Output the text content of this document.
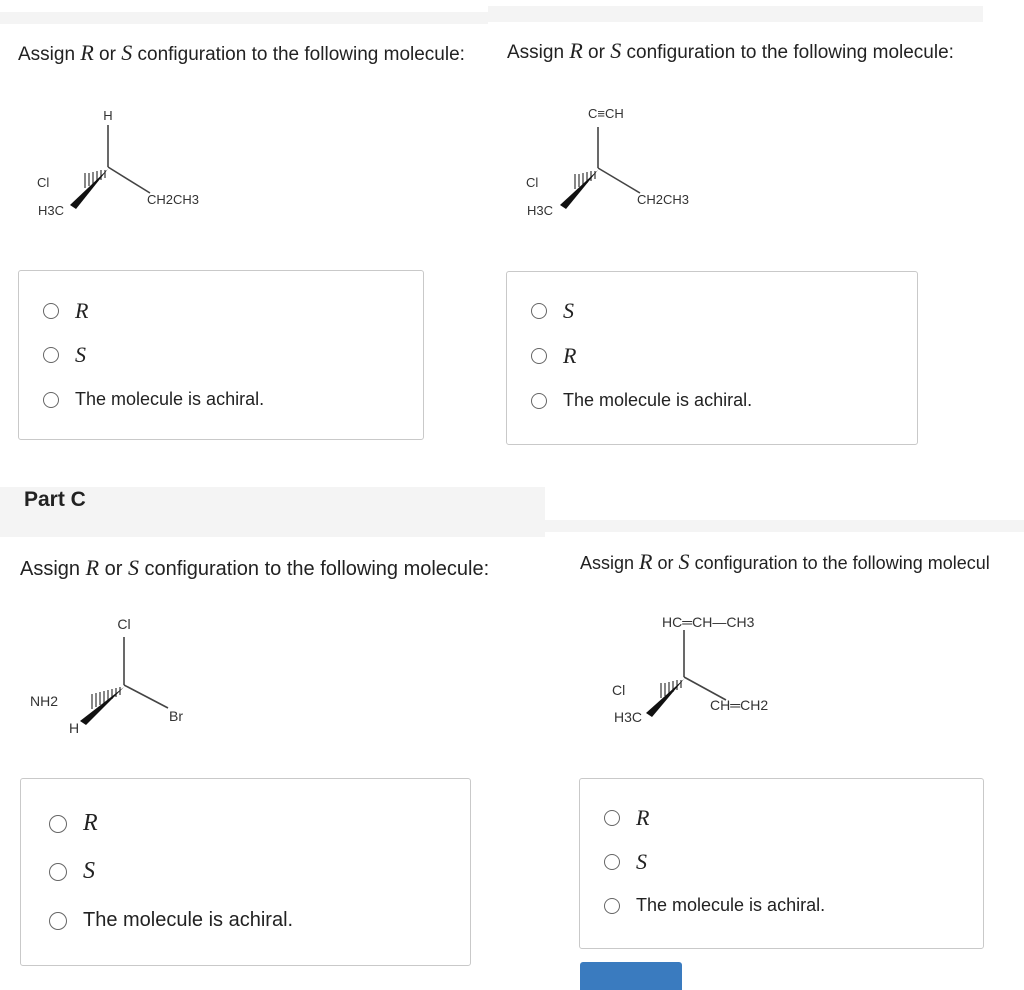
Assign R or S configuration to the following molecule:
H
Cl
H3C
CH2CH3
R
S
The molecule is achiral.
Assign R or S configuration to the following molecule:
C≡CH
Cl
H3C
CH2CH3
S
R
The molecule is achiral.
Part C
Assign R or S configuration to the following molecule:
Cl
NH2
H
Br
R
S
The molecule is achiral.
Assign R or S configuration to the following molecul
HC═CH—CH3
Cl
H3C
CH═CH2
R
S
The molecule is achiral.
